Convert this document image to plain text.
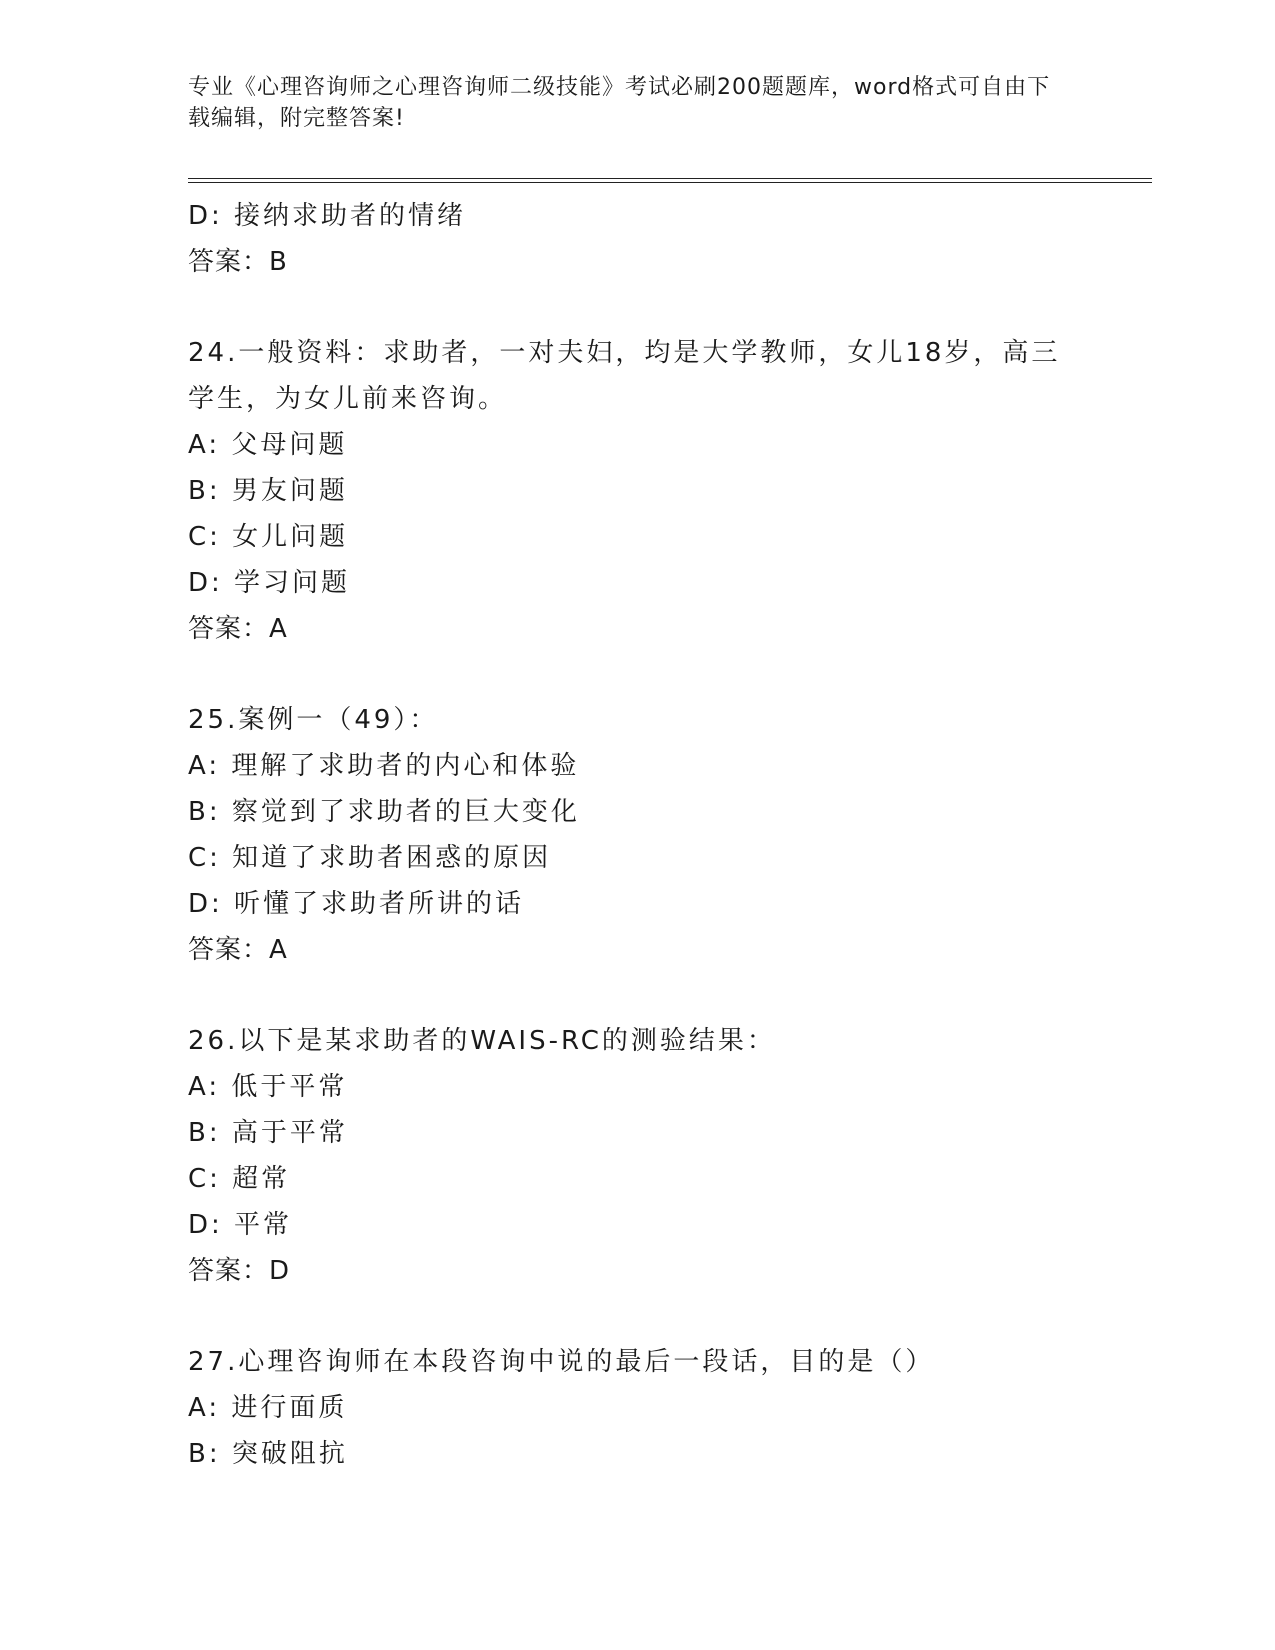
专业《心理咨询师之心理咨询师二级技能》考试必刷200题题库，word格式可自由下载编辑，附完整答案!
D: 接纳求助者的情绪
答案：B
24.一般资料：求助者，一对夫妇，均是大学教师，女儿18岁，高三
学生，为女儿前来咨询。
A: 父母问题
B: 男友问题
C: 女儿问题
D: 学习问题
答案：A
25.案例一（49）：
A: 理解了求助者的内心和体验
B: 察觉到了求助者的巨大变化
C: 知道了求助者困惑的原因
D: 听懂了求助者所讲的话
答案：A
26.以下是某求助者的WAIS-RC的测验结果：
A: 低于平常
B: 高于平常
C: 超常
D: 平常
答案：D
27.心理咨询师在本段咨询中说的最后一段话，目的是（）
A: 进行面质
B: 突破阻抗
